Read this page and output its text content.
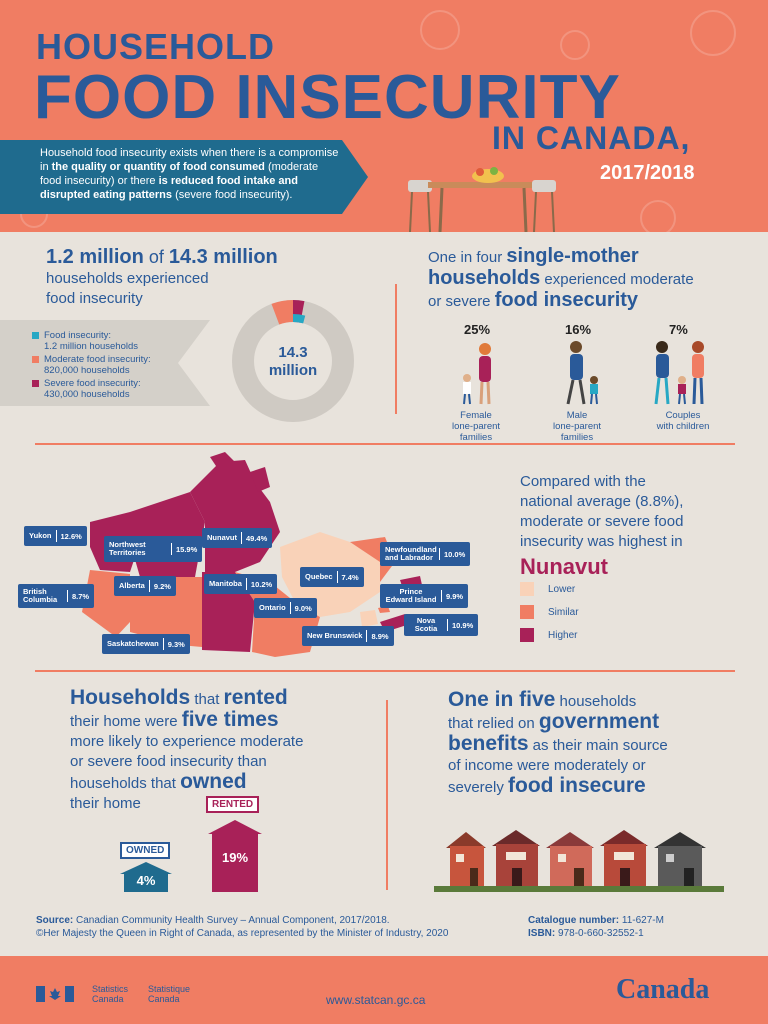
HOUSEHOLD
FOOD INSECURITY
IN CANADA,
2017/2018
Household food insecurity exists when there is a compromise in the quality or quantity of food consumed (moderate food insecurity) or there is reduced food intake and disrupted eating patterns (severe food insecurity).
1.2 million of 14.3 million
households experienced
food insecurity
Food insecurity:
1.2 million households
Moderate food insecurity:
820,000 households
Severe food insecurity:
430,000 households
14.3
million
One in four single-mother
households experienced moderate
or severe food insecurity
25%	16%	7%
Female
lone-parent
families
Male
lone-parent
families
Couples
with children
Yukon 12.6%
Northwest Territories	15.9%
Nunavut 49.4%
British Columbia	8.7%
Alberta 9.2%	Manitoba 10.2%
Saskatchewan 9.3%
Ontario 9.0%
Quebec 7.4%
Newfoundland and Labrador 10.0%
Prince Edward Island 9.9%
Nova Scotia	10.9%
New Brunswick 8.9%
Compared with the
national average (8.8%),
moderate or severe food
insecurity was highest in
Nunavut
Lower
Similar
Higher
Households that rented
their home were five times
more likely to experience moderate
or severe food insecurity than
households that owned
their home
OWNED
4%
RENTED
19%
One in five households
that relied on government
benefits as their main source
of income were moderately or
severely food insecure
Source: Canadian Community Health Survey – Annual Component, 2017/2018.
©Her Majesty the Queen in Right of Canada, as represented by the Minister of Industry, 2020
Catalogue number: 11-627-M
ISBN: 978-0-660-32552-1
Statistics
Canada
Statistique
Canada	www.statcan.gc.ca	Canada
